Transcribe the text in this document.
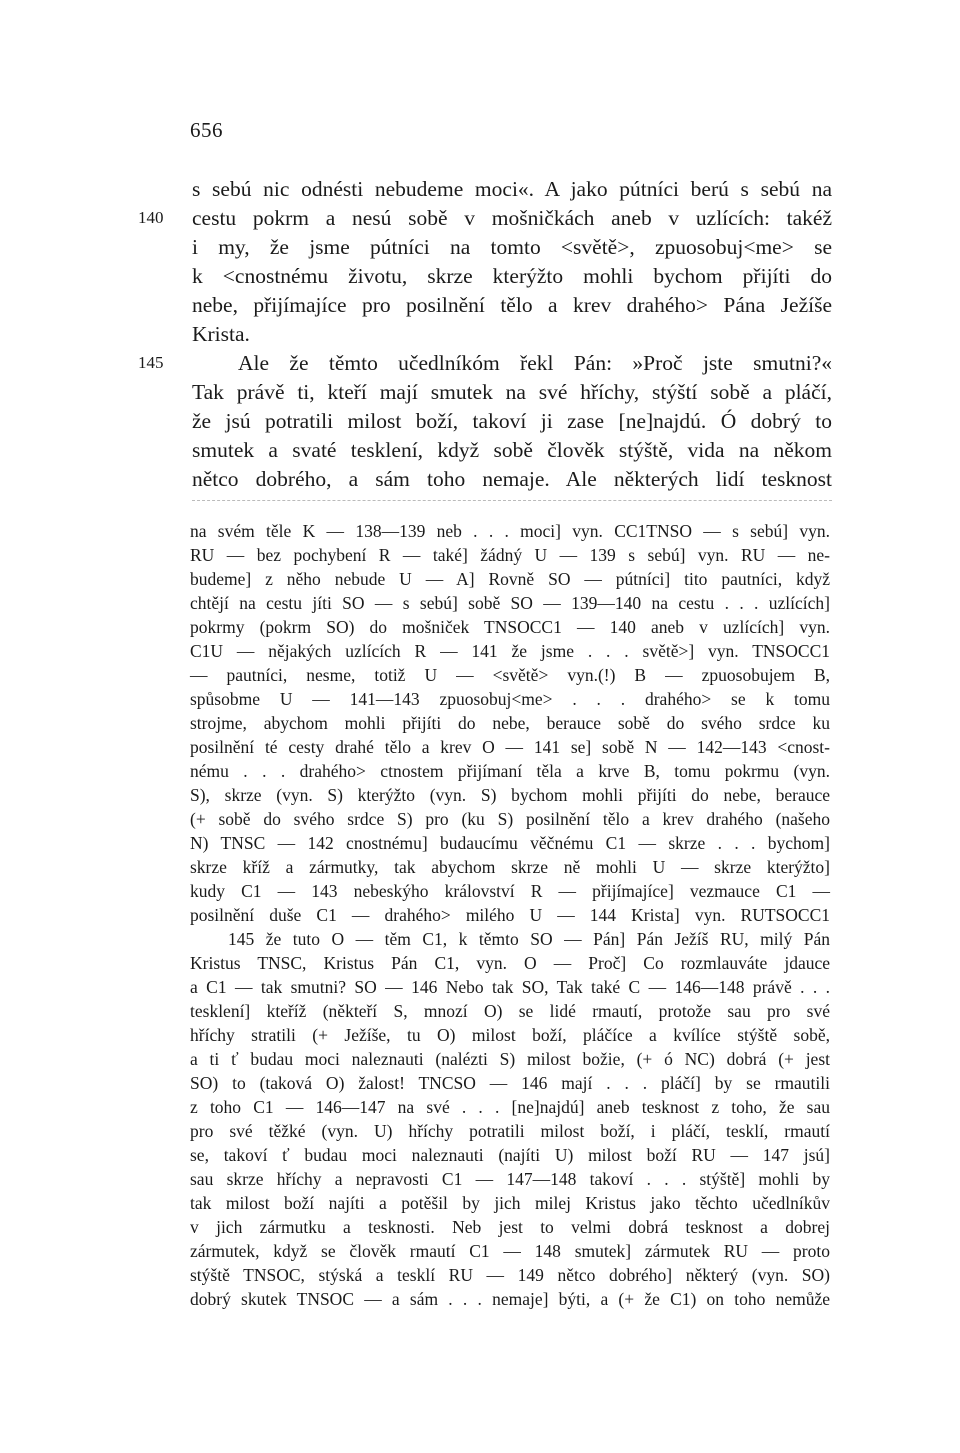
656
s sebú nic odnésti nebudeme moci«. A jako pútníci berú s sebú na
140 cestu pokrm a nesú sobě v mošničkách aneb v uzlících: takéž
i my, že jsme pútníci na tomto <světě>, zpuosobuj<me> se
k <cnostnému životu, skrze kterýžto mohli bychom přijíti do
nebe, přijímajíce pro posilnění tělo a krev drahého> Pána Ježíše
Krista.
145	Ale že těmto učedlníkóm řekl Pán: »Proč jste smutni?«
Tak právě ti, kteří mají smutek na své hříchy, stýští sobě a pláčí,
že jsú potratili milost boží, takoví ji zase [ne]najdú. Ó dobrý to
smutek a svaté tesklení, když sobě člověk stýště, vida na někom
nětco dobrého, a sám toho nemaje. Ale některých lidí tesknost
na svém těle K — 138—139 neb . . . moci] vyn. CC1TNSO — s sebú] vyn.
RU — bez pochybení R — také] žádný U — 139 s sebú] vyn. RU — ne-
budeme] z něho nebude U — A] Rovně SO — pútníci] tito pautníci, když
chtějí na cestu jíti SO — s sebú] sobě SO — 139—140 na cestu . . . uzlících]
pokrmy (pokrm SO) do mošniček TNSOCC1 — 140 aneb v uzlících] vyn.
C1U — nějakých uzlících R — 141 že jsme . . . světě>] vyn. TNSOCC1
— pautníci, nesme, totiž U — <světě> vyn.(!) B — zpuosobujem B,
spůsobme U — 141—143 zpuosobuj<me> . . . drahého> se k tomu
strojme, abychom mohli přijíti do nebe, berauce sobě do svého srdce ku
posilnění té cesty drahé tělo a krev O — 141 se] sobě N — 142—143 <cnost-
nému . . . drahého> ctnostem přijímaní těla a krve B, tomu pokrmu (vyn.
S), skrze (vyn. S) kterýžto (vyn. S) bychom mohli přijíti do nebe, berauce
(+ sobě do svého srdce S) pro (ku S) posilnění tělo a krev drahého (našeho
N) TNSC — 142 cnostnému] budaucímu věčnému C1 — skrze . . . bychom]
skrze kříž a zármutky, tak abychom skrze ně mohli U — skrze kterýžto]
kudy C1 — 143 nebeskýho království R — přijímajíce] vezmauce C1 —
posilnění duše C1 — drahého> milého U — 144 Krista] vyn. RUTSOCC1
145 že tuto O — těm C1, k těmto SO — Pán] Pán Ježíš RU, milý Pán
Kristus TNSC, Kristus Pán C1, vyn. O — Proč] Co rozmlauváte jdauce
a C1 — tak smutni? SO — 146 Nebo tak SO, Tak také C — 146—148 právě . . .
tesklení] kteříž (někteří S, mnozí O) se lidé rmautí, protože sau pro své
hříchy stratili (+ Ježíše, tu O) milost boží, pláčíce a kvílíce stýště sobě,
a ti ť budau moci naleznauti (nalézti S) milost božie, (+ ó NC) dobrá (+ jest
SO) to (taková O) žalost! TNCSO — 146 mají . . . pláčí] by se rmautili
z toho C1 — 146—147 na své . . . [ne]najdú] aneb tesknost z toho, že sau
pro své těžké (vyn. U) hříchy potratili milost boží, i pláčí, tesklí, rmautí
se, takoví ť budau moci naleznauti (najíti U) milost boží RU — 147 jsú]
sau skrze hříchy a nepravosti C1 — 147—148 takoví . . . stýště] mohli by
tak milost boží najíti a potěšil by jich milej Kristus jako těchto učedlníkův
v jich zármutku a tesknosti. Neb jest to velmi dobrá tesknost a dobrej
zármutek, když se člověk rmautí C1 — 148 smutek] zármutek RU — proto
stýště TNSOC, stýská a tesklí RU — 149 nětco dobrého] některý (vyn. SO)
dobrý skutek TNSOC — a sám . . . nemaje] býti, a (+ že C1) on toho nemůže
